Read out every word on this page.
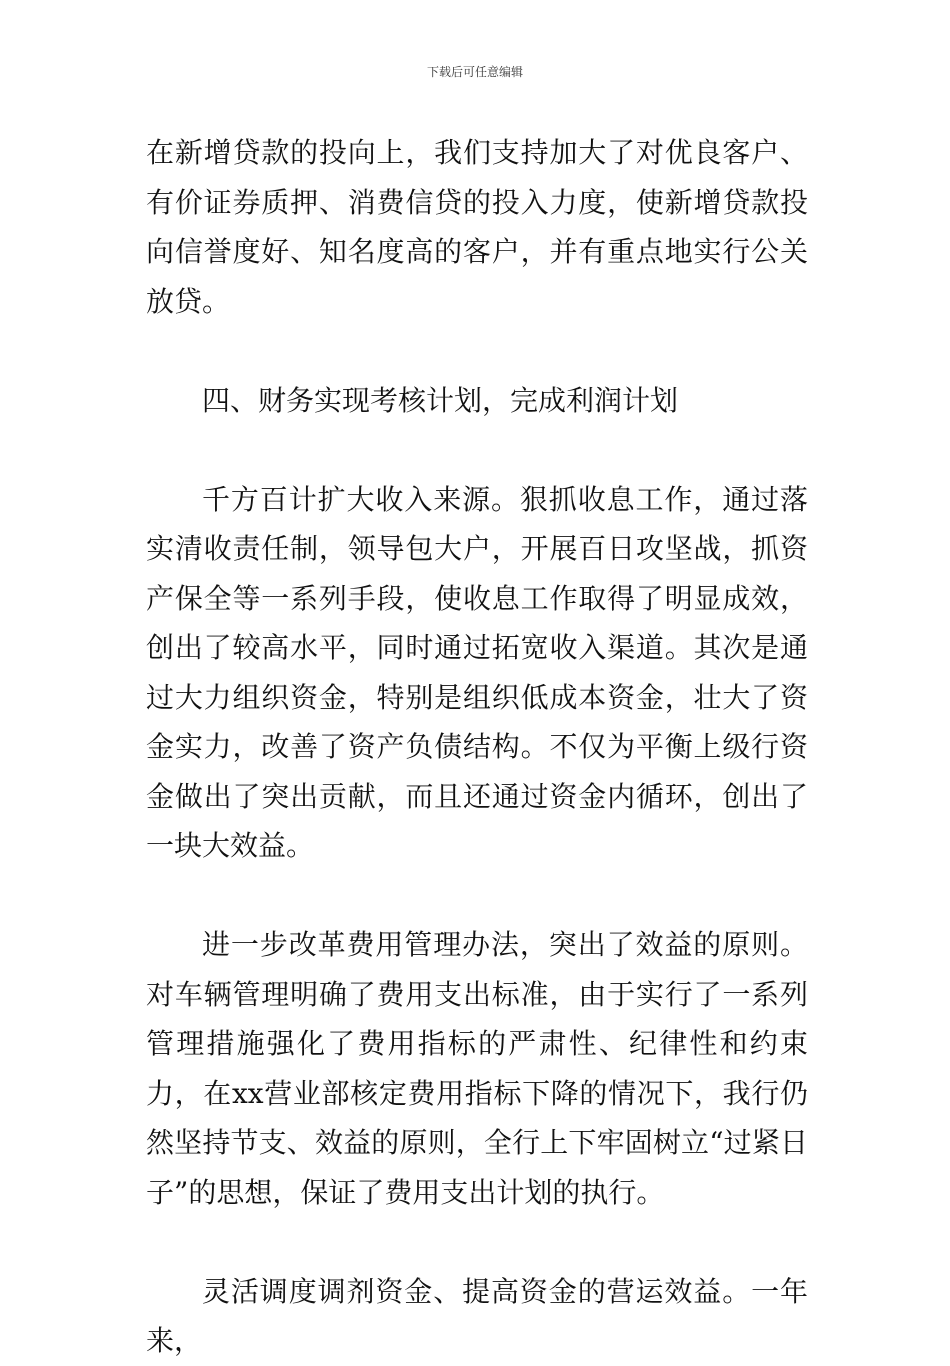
下载后可任意编辑

在新增贷款的投向上，我们支持加大了对优良客户、有价证券质押、消费信贷的投入力度，使新增贷款投向信誉度好、知名度高的客户，并有重点地实行公关放贷。

四、财务实现考核计划，完成利润计划

千方百计扩大收入来源。狠抓收息工作，通过落实清收责任制，领导包大户，开展百日攻坚战，抓资产保全等一系列手段，使收息工作取得了明显成效，创出了较高水平，同时通过拓宽收入渠道。其次是通过大力组织资金，特别是组织低成本资金，壮大了资金实力，改善了资产负债结构。不仅为平衡上级行资金做出了突出贡献，而且还通过资金内循环，创出了一块大效益。

进一步改革费用管理办法，突出了效益的原则。对车辆管理明确了费用支出标准，由于实行了一系列管理措施强化了费用指标的严肃性、纪律性和约束力，在xx营业部核定费用指标下降的情况下，我行仍然坚持节支、效益的原则，全行上下牢固树立“过紧日子”的思想，保证了费用支出计划的执行。

灵活调度调剂资金、提高资金的营运效益。一年来，
